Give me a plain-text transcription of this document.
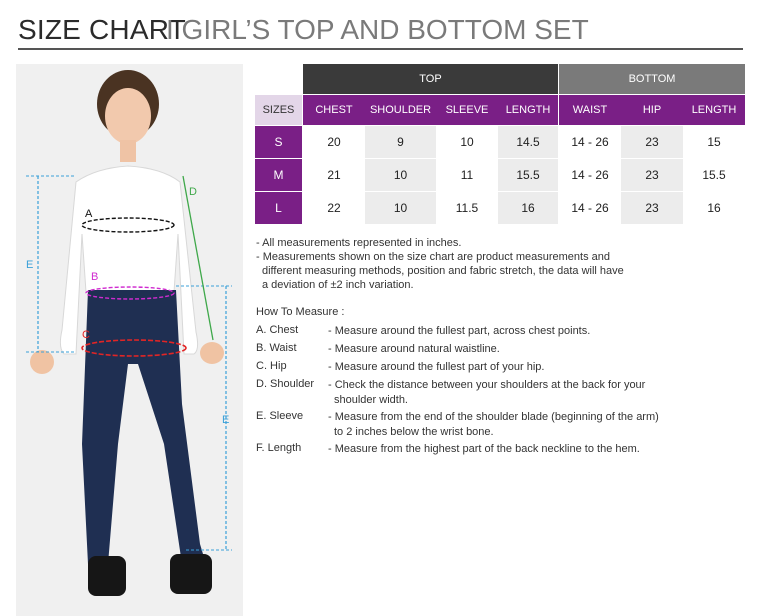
SIZE CHART
I GIRL’S TOP AND BOTTOM SET
A
B
C
D
E
E
TOP	BOTTOM
SIZES	CHEST	SHOULDER	SLEEVE	LENGTH	WAIST	HIP	LENGTH
S	20	9	10	14.5	14 - 26	23	15
M	21	10	11	15.5	14 - 26	23	15.5
L	22	10	11.5	16	14 - 26	23	16
- All measurements represented in inches.
- Measurements shown on the size chart are product measurements and
different measuring methods, position and fabric stretch, the data will have
a deviation of ±2 inch variation.
How To Measure :
A. Chest	- Measure around the fullest part, across chest points.
B. Waist	- Measure around natural waistline.
C. Hip	- Measure around the fullest part of your hip.
D. Shoulder - Check the distance between your shoulders at the back for your
shoulder width.
E. Sleeve - Measure from the end of the shoulder blade (beginning of the arm)
to 2 inches below the wrist bone.
F. Length - Measure from the highest part of the back neckline to the hem.
